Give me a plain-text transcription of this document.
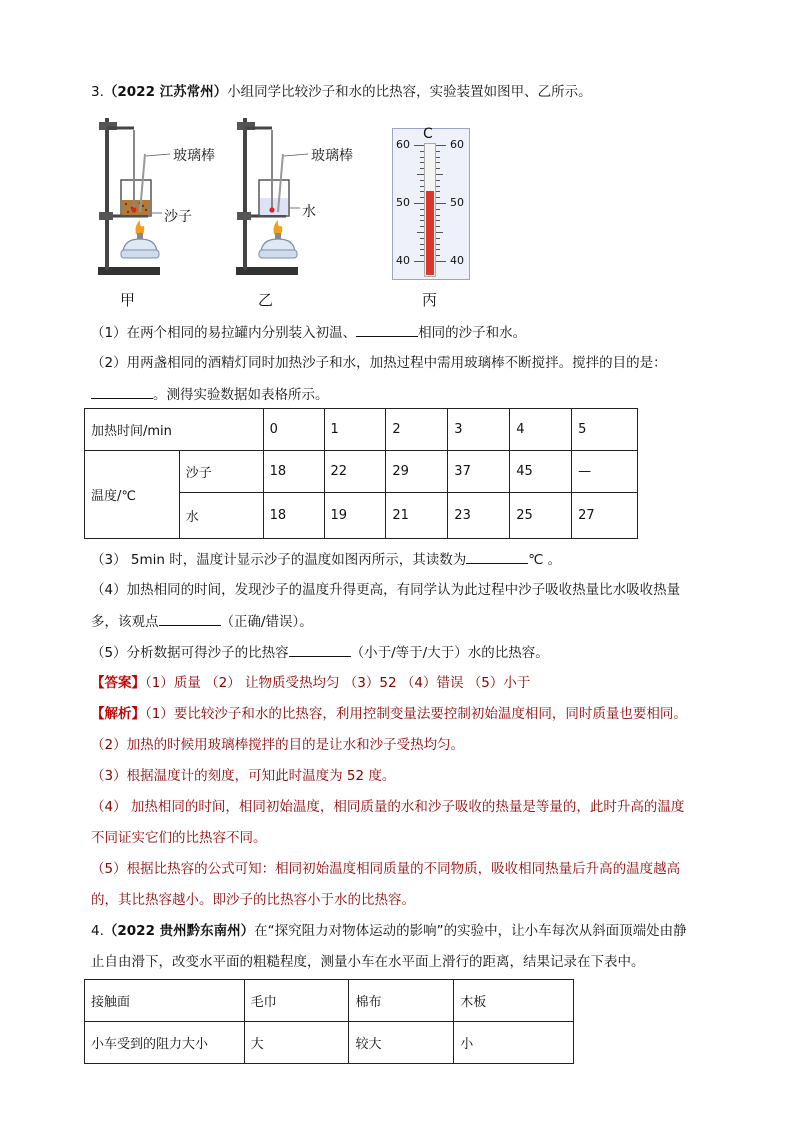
3.（2022 江苏常州）小组同学比较沙子和水的比热容，实验装置如图甲、乙所示。
玻璃棒
沙子
甲
玻璃棒
水
乙
C
60
50
40
60
50
40
丙
（1）在两个相同的易拉罐内分别装入初温、	相同的沙子和水。
（2）用两盏相同的酒精灯同时加热沙子和水，加热过程中需用玻璃棒不断搅拌。搅拌的目的是：
。测得实验数据如表格所示。
加热时间/min		0	1	2	3	4	5
温度/℃	沙子	18	22	29	37	45	—
	水	18	19	21	23	25	27
（3） 5min 时，温度计显示沙子的温度如图丙所示，其读数为	℃ 。
（4）加热相同的时间，发现沙子的温度升得更高，有同学认为此过程中沙子吸收热量比水吸收热量
多，该观点	（正确/错误）。
（5）分析数据可得沙子的比热容	（小于/等于/大于）水的比热容。
【答案】（1）质量 （2） 让物质受热均匀 （3）52 （4）错误 （5）小于
【解析】（1）要比较沙子和水的比热容，利用控制变量法要控制初始温度相同，同时质量也要相同。
（2）加热的时候用玻璃棒搅拌的目的是让水和沙子受热均匀。
（3）根据温度计的刻度，可知此时温度为 52 度。
（4） 加热相同的时间，相同初始温度，相同质量的水和沙子吸收的热量是等量的，此时升高的温度
不同证实它们的比热容不同。
（5）根据比热容的公式可知：相同初始温度相同质量的不同物质，吸收相同热量后升高的温度越高
的，其比热容越小。即沙子的比热容小于水的比热容。
4.（2022 贵州黔东南州）在“探究阻力对物体运动的影响”的实验中，让小车每次从斜面顶端处由静
止自由滑下，改变水平面的粗糙程度，测量小车在水平面上滑行的距离，结果记录在下表中。
接触面	毛巾	棉布	木板
小车受到的阻力大小	大	较大	小
